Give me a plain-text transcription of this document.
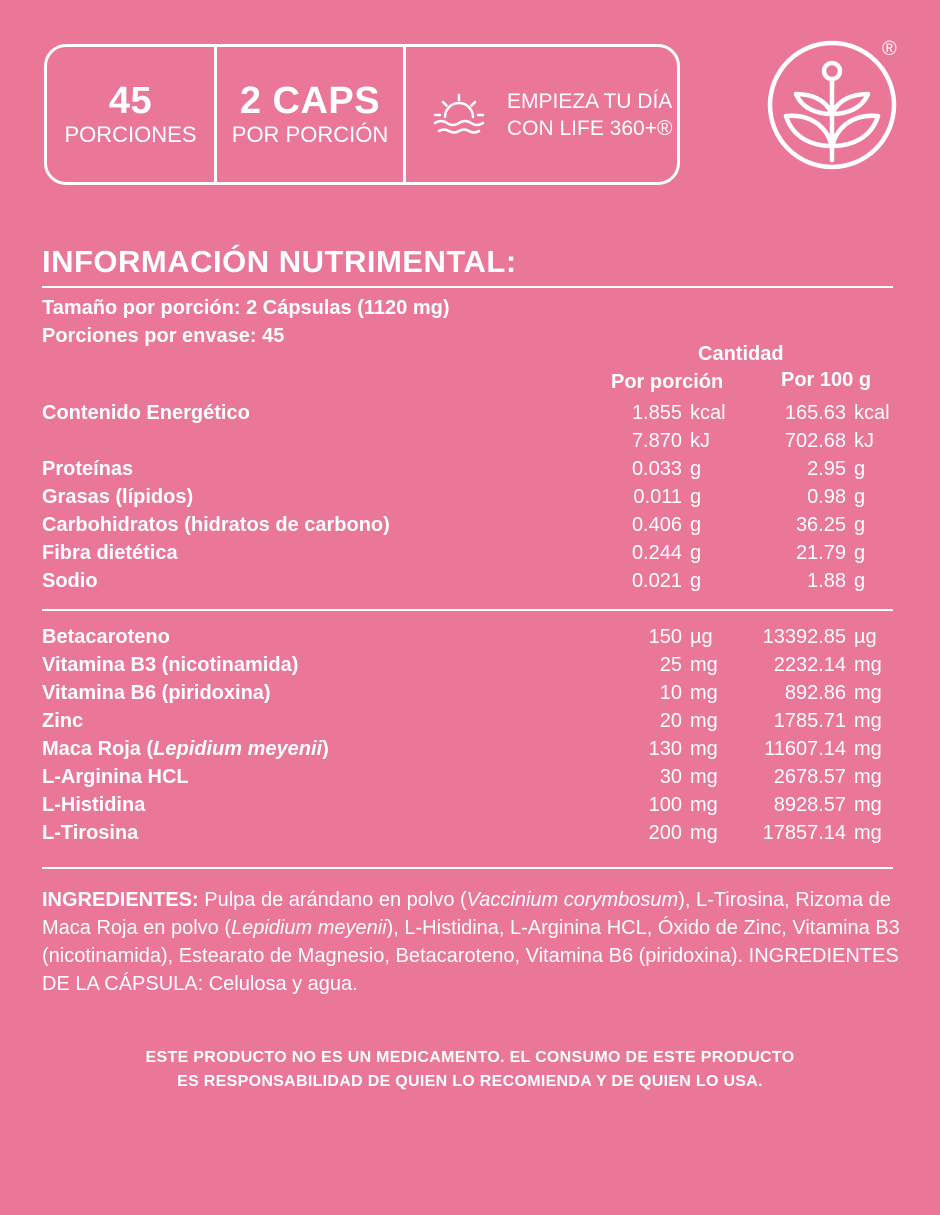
45
PORCIONES
2 CAPS
POR PORCIÓN
EMPIEZA TU DÍA
CON LIFE 360+®
®
INFORMACIÓN NUTRIMENTAL:
Tamaño por porción: 2 Cápsulas (1120 mg)
Porciones por envase: 45
Cantidad
Por porción	Por 100 g
Contenido Energético	1.855 kcal	165.63 kcal
7.870 kJ	702.68 kJ
Proteínas	0.033 g	2.95 g
Grasas (lípidos)	0.011 g	0.98 g
Carbohidratos (hidratos de carbono)	0.406 g	36.25 g
Fibra dietética	0.244 g	21.79 g
Sodio	0.021 g	1.88 g
Betacaroteno	150 µg	13392.85 µg
Vitamina B3 (nicotinamida)	25 mg	2232.14 mg
Vitamina B6 (piridoxina)	10 mg	892.86 mg
Zinc	20 mg	1785.71 mg
Maca Roja (Lepidium meyenii)	130 mg	11607.14 mg
L-Arginina HCL	30 mg	2678.57 mg
L-Histidina	100 mg	8928.57 mg
L-Tirosina	200 mg	17857.14 mg
INGREDIENTES: Pulpa de arándano en polvo (Vaccinium corymbosum), L-Tirosina, Rizoma de Maca Roja en polvo (Lepidium meyenii), L-Histidina, L-Arginina HCL, Óxido de Zinc, Vitamina B3 (nicotinamida), Estearato de Magnesio, Betacaroteno, Vitamina B6 (piridoxina). INGREDIENTES DE LA CÁPSULA: Celulosa y agua.
ESTE PRODUCTO NO ES UN MEDICAMENTO. EL CONSUMO DE ESTE PRODUCTO
ES RESPONSABILIDAD DE QUIEN LO RECOMIENDA Y DE QUIEN LO USA.
